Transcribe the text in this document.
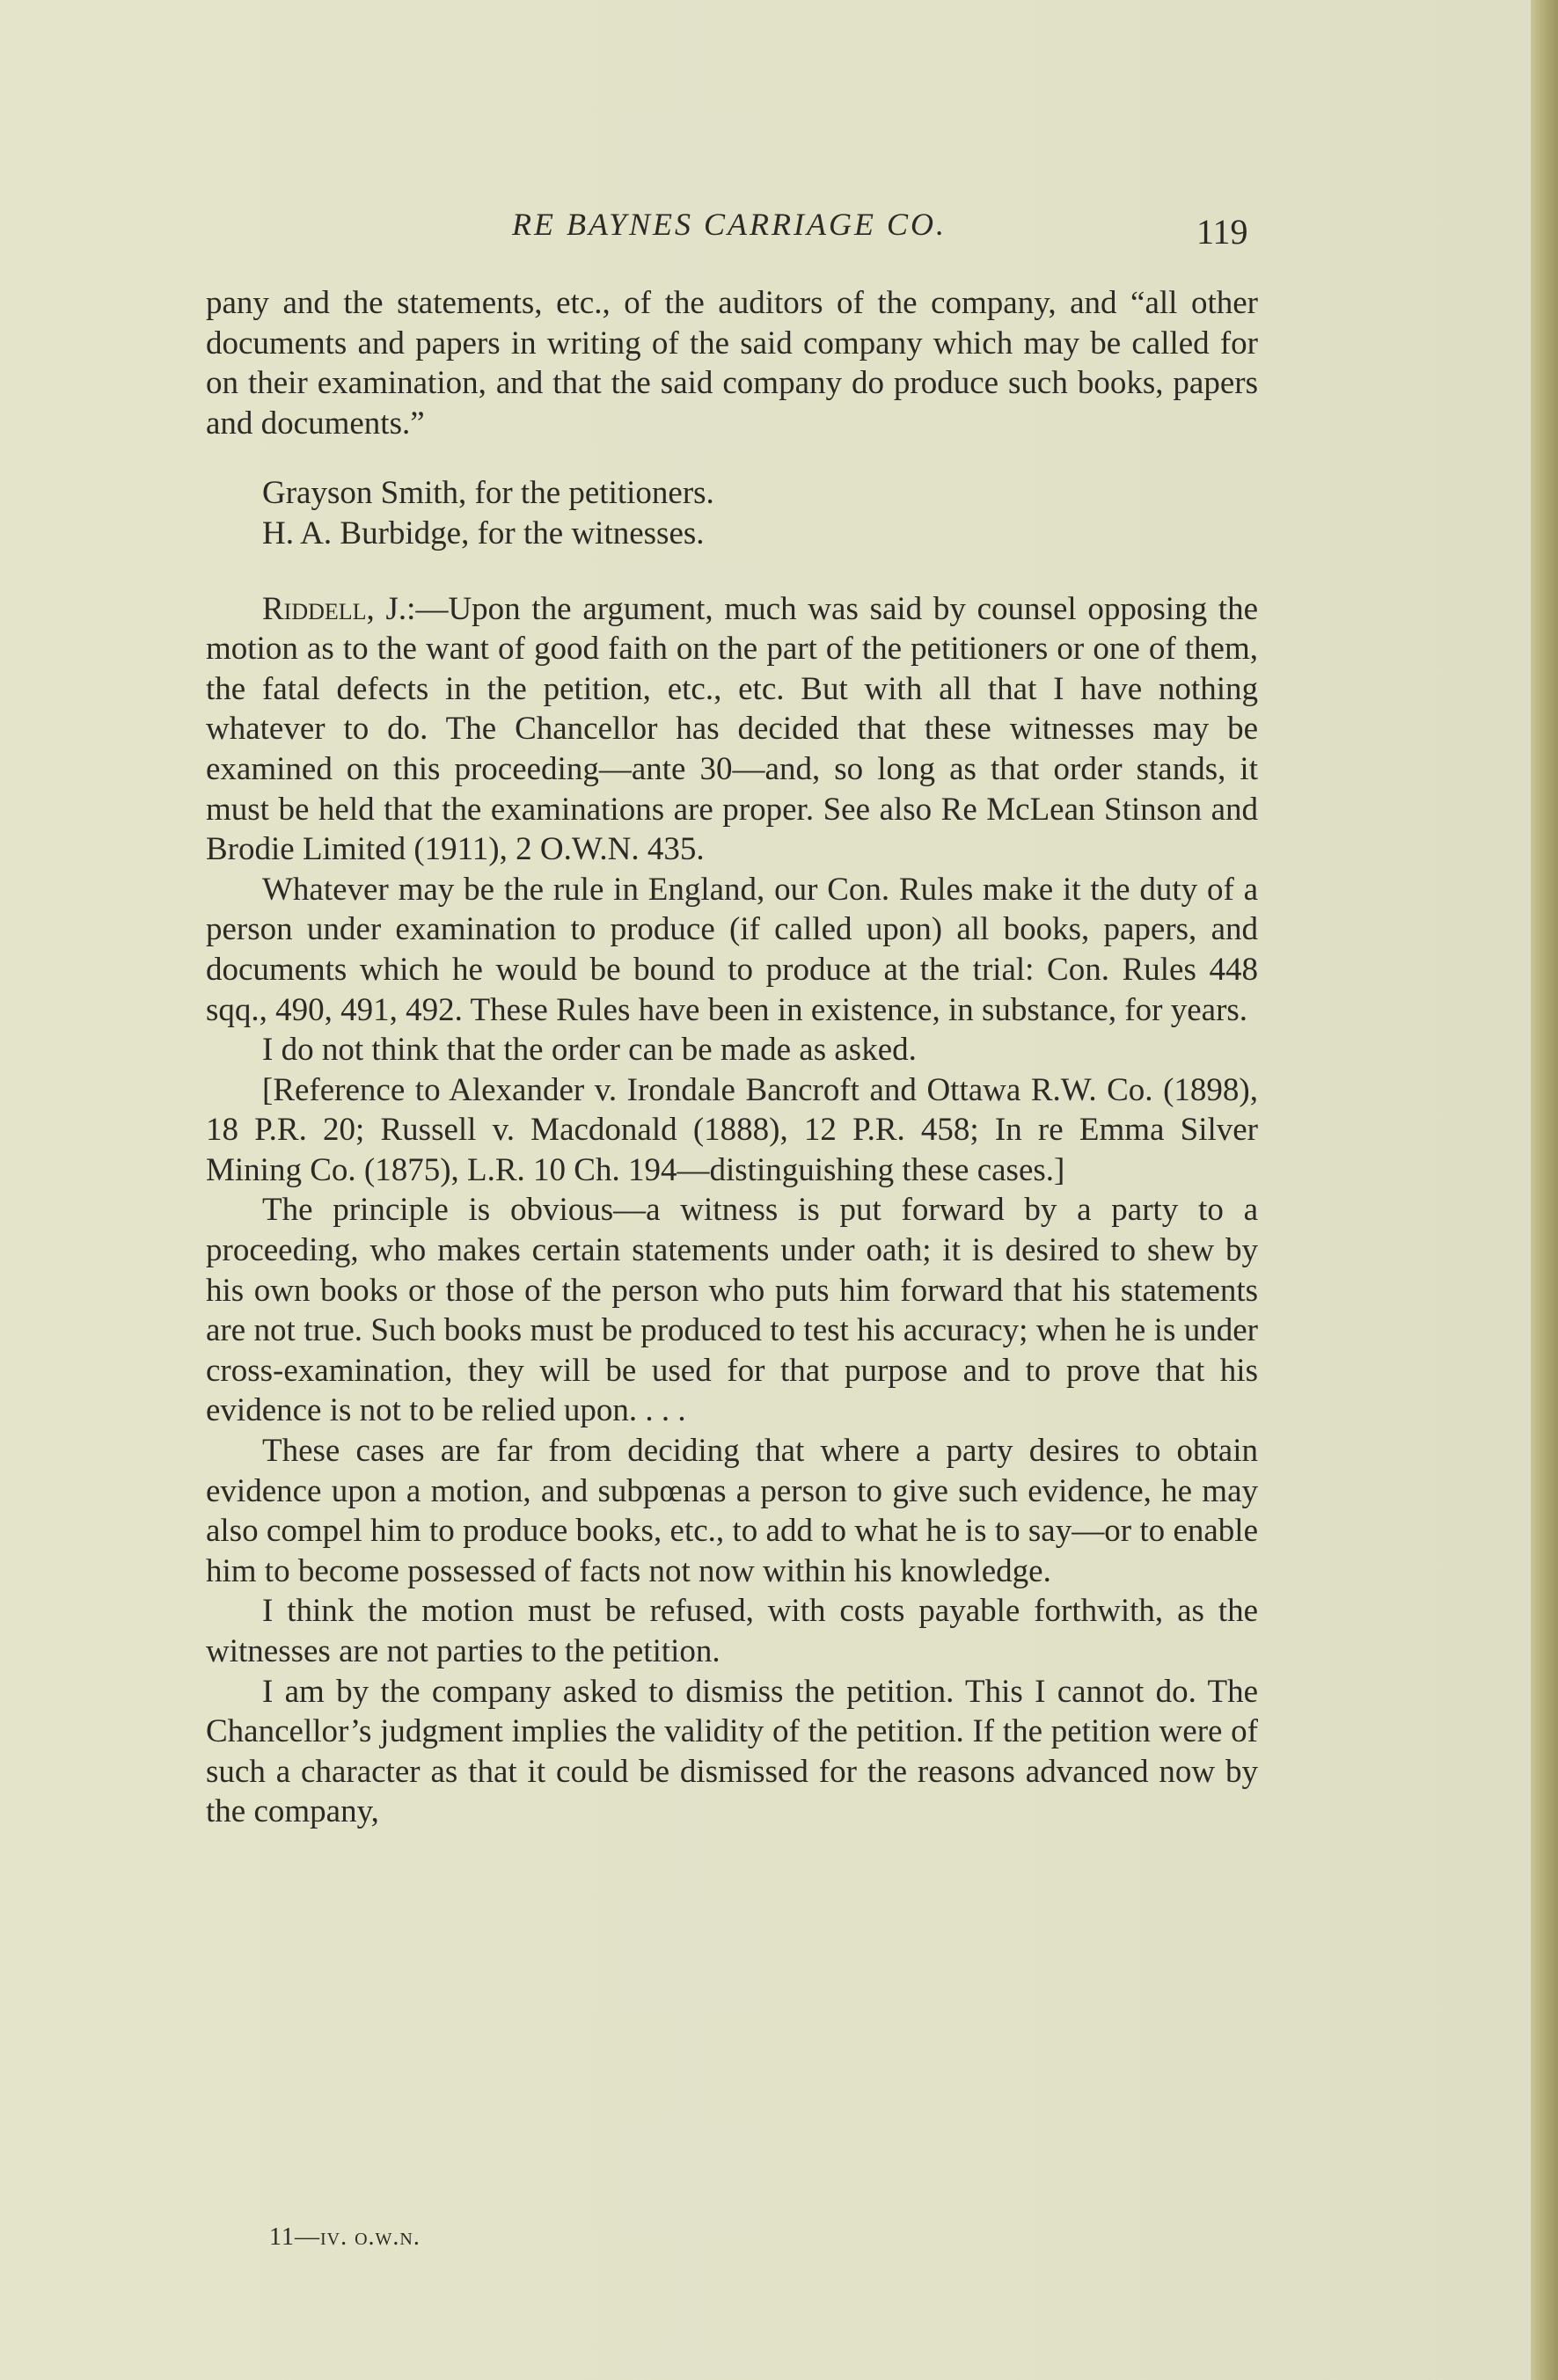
RE BAYNES CARRIAGE CO.	119

pany and the statements, etc., of the auditors of the company, and “all other documents and papers in writing of the said company which may be called for on their examination, and that the said company do produce such books, papers and documents.”

Grayson Smith, for the petitioners.
H. A. Burbidge, for the witnesses.

Riddell, J.:—Upon the argument, much was said by counsel opposing the motion as to the want of good faith on the part of the petitioners or one of them, the fatal defects in the petition, etc., etc. But with all that I have nothing whatever to do. The Chancellor has decided that these witnesses may be examined on this proceeding—ante 30—and, so long as that order stands, it must be held that the examinations are proper. See also Re McLean Stinson and Brodie Limited (1911), 2 O.W.N. 435.

Whatever may be the rule in England, our Con. Rules make it the duty of a person under examination to produce (if called upon) all books, papers, and documents which he would be bound to produce at the trial: Con. Rules 448 sqq., 490, 491, 492. These Rules have been in existence, in substance, for years.

I do not think that the order can be made as asked.

[Reference to Alexander v. Irondale Bancroft and Ottawa R.W. Co. (1898), 18 P.R. 20; Russell v. Macdonald (1888), 12 P.R. 458; In re Emma Silver Mining Co. (1875), L.R. 10 Ch. 194—distinguishing these cases.]

The principle is obvious—a witness is put forward by a party to a proceeding, who makes certain statements under oath; it is desired to shew by his own books or those of the person who puts him forward that his statements are not true. Such books must be produced to test his accuracy; when he is under cross-examination, they will be used for that purpose and to prove that his evidence is not to be relied upon. . . .

These cases are far from deciding that where a party desires to obtain evidence upon a motion, and subpœnas a person to give such evidence, he may also compel him to produce books, etc., to add to what he is to say—or to enable him to become possessed of facts not now within his knowledge.

I think the motion must be refused, with costs payable forthwith, as the witnesses are not parties to the petition.

I am by the company asked to dismiss the petition. This I cannot do. The Chancellor’s judgment implies the validity of the petition. If the petition were of such a character as that it could be dismissed for the reasons advanced now by the company,

11—iv. o.w.n.
